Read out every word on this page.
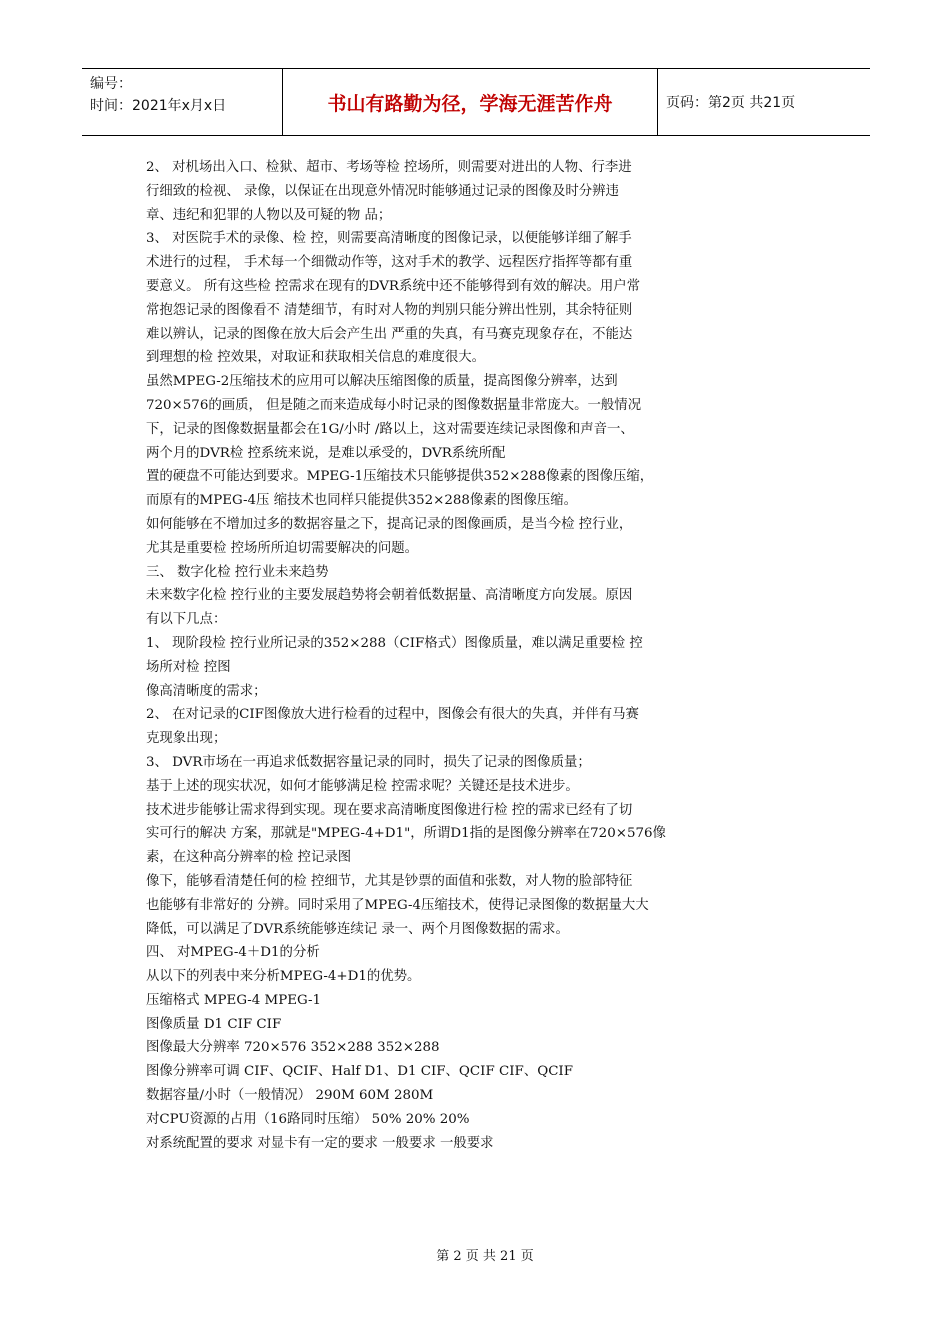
编号：
时间：2021年x月x日	书山有路勤为径，学海无涯苦作舟	页码：第2页 共21页

2、 对机场出入口、检狱、超市、考场等检 控场所，则需要对进出的人物、行李进

行细致的检视、 录像，以保证在出现意外情况时能够通过记录的图像及时分辨违

章、违纪和犯罪的人物以及可疑的物 品；

3、 对医院手术的录像、检 控，则需要高清晰度的图像记录，以便能够详细了解手

术进行的过程， 手术每一个细微动作等，这对手术的教学、远程医疗指挥等都有重

要意义。 所有这些检 控需求在现有的DVR系统中还不能够得到有效的解决。用户常

常抱怨记录的图像看不 清楚细节，有时对人物的判别只能分辨出性别，其余特征则

难以辨认，记录的图像在放大后会产生出 严重的失真，有马赛克现象存在，不能达

到理想的检 控效果，对取证和获取相关信息的难度很大。

虽然MPEG-2压缩技术的应用可以解决压缩图像的质量，提高图像分辨率，达到

720×576的画质， 但是随之而来造成每小时记录的图像数据量非常庞大。一般情况

下，记录的图像数据量都会在1G/小时 /路以上，这对需要连续记录图像和声音一、

两个月的DVR检 控系统来说，是难以承受的，DVR系统所配

置的硬盘不可能达到要求。MPEG-1压缩技术只能够提供352×288像素的图像压缩，

而原有的MPEG-4压 缩技术也同样只能提供352×288像素的图像压缩。

如何能够在不增加过多的数据容量之下，提高记录的图像画质，是当今检 控行业，

尤其是重要检 控场所所迫切需要解决的问题。

三、 数字化检 控行业未来趋势

未来数字化检 控行业的主要发展趋势将会朝着低数据量、高清晰度方向发展。原因

有以下几点：

1、 现阶段检 控行业所记录的352×288（CIF格式）图像质量，难以满足重要检 控

场所对检 控图

像高清晰度的需求；

2、 在对记录的CIF图像放大进行检看的过程中，图像会有很大的失真，并伴有马赛

克现象出现；

3、 DVR市场在一再追求低数据容量记录的同时，损失了记录的图像质量；

基于上述的现实状况，如何才能够满足检 控需求呢？关键还是技术进步。

技术进步能够让需求得到实现。现在要求高清晰度图像进行检 控的需求已经有了切

实可行的解决 方案，那就是"MPEG-4+D1"，所谓D1指的是图像分辨率在720×576像

素，在这种高分辨率的检 控记录图

像下，能够看清楚任何的检 控细节，尤其是钞票的面值和张数，对人物的脸部特征

也能够有非常好的 分辨。同时采用了MPEG-4压缩技术，使得记录图像的数据量大大

降低，可以满足了DVR系统能够连续记 录一、两个月图像数据的需求。

四、 对MPEG-4＋D1的分析

从以下的列表中来分析MPEG-4+D1的优势。

压缩格式 MPEG-4 MPEG-1

图像质量 D1 CIF CIF

图像最大分辨率 720×576 352×288 352×288

图像分辨率可调 CIF、QCIF、Half D1、D1 CIF、QCIF CIF、QCIF

数据容量/小时（一般情况） 290M 60M 280M

对CPU资源的占用（16路同时压缩） 50% 20% 20%

对系统配置的要求 对显卡有一定的要求 一般要求 一般要求

第 2 页 共 21 页
